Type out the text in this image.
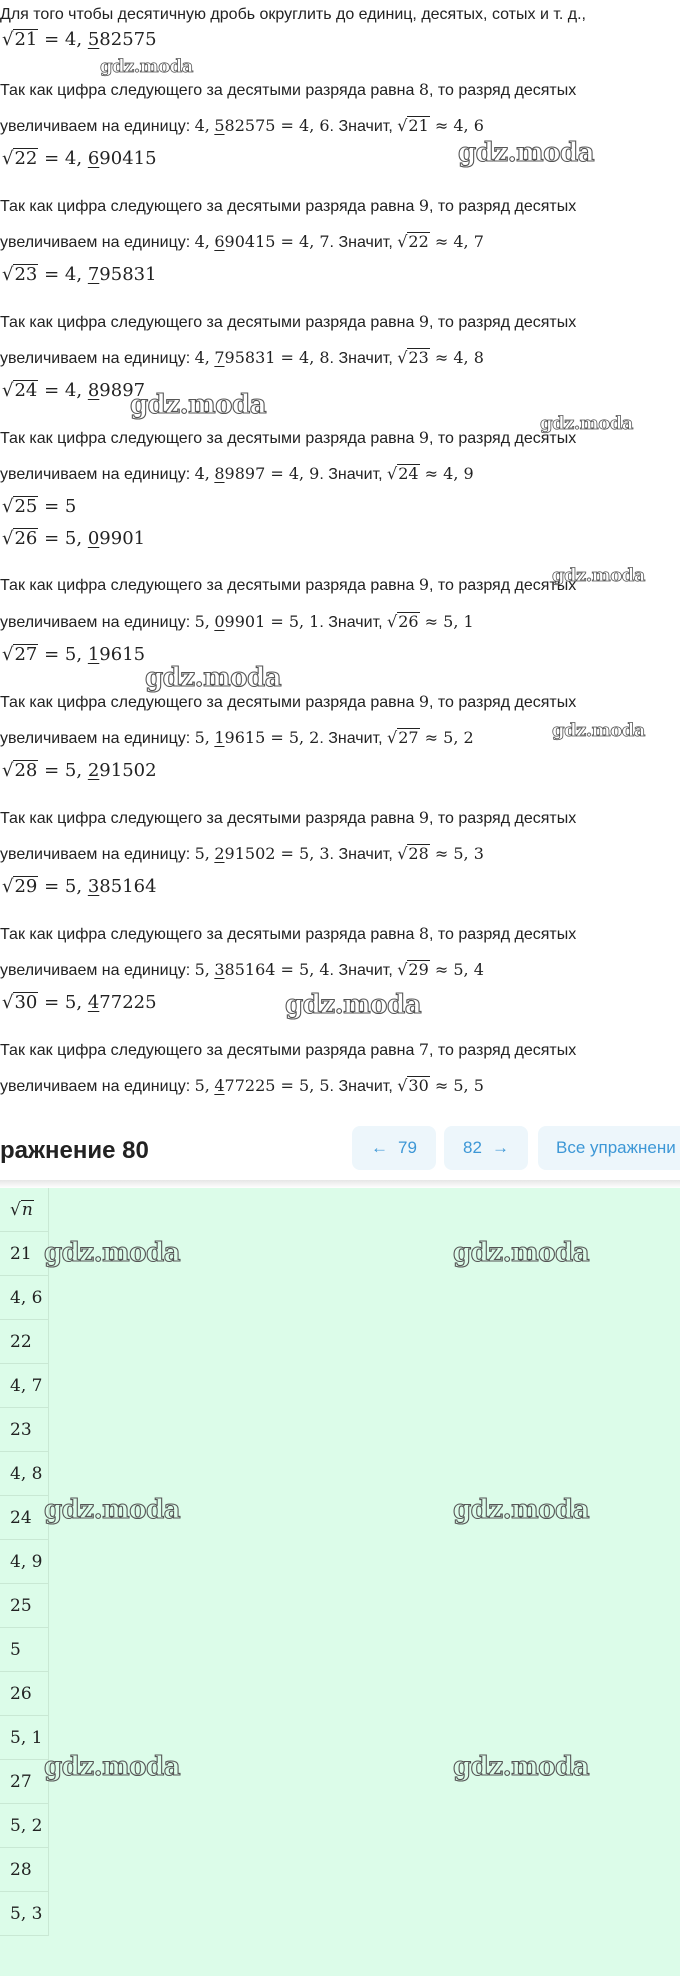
Для того чтобы десятичную дробь округлить до единиц, десятых, сотых и т. д.,
√21 = 4, 582575
Так как цифра следующего за десятыми разряда равна 8, то разряд десятых
увеличиваем на единицу: 4, 582575 = 4, 6. Значит, √21 ≈ 4, 6
√22 = 4, 690415
Так как цифра следующего за десятыми разряда равна 9, то разряд десятых
увеличиваем на единицу: 4, 690415 = 4, 7. Значит, √22 ≈ 4, 7
√23 = 4, 795831
Так как цифра следующего за десятыми разряда равна 9, то разряд десятых
увеличиваем на единицу: 4, 795831 = 4, 8. Значит, √23 ≈ 4, 8
√24 = 4, 89897
Так как цифра следующего за десятыми разряда равна 9, то разряд десятых
увеличиваем на единицу: 4, 89897 = 4, 9. Значит, √24 ≈ 4, 9
√25 = 5
√26 = 5, 09901
Так как цифра следующего за десятыми разряда равна 9, то разряд десятых
увеличиваем на единицу: 5, 09901 = 5, 1. Значит, √26 ≈ 5, 1
√27 = 5, 19615
Так как цифра следующего за десятыми разряда равна 9, то разряд десятых
увеличиваем на единицу: 5, 19615 = 5, 2. Значит, √27 ≈ 5, 2
√28 = 5, 291502
Так как цифра следующего за десятыми разряда равна 9, то разряд десятых
увеличиваем на единицу: 5, 291502 = 5, 3. Значит, √28 ≈ 5, 3
√29 = 5, 385164
Так как цифра следующего за десятыми разряда равна 8, то разряд десятых
увеличиваем на единицу: 5, 385164 = 5, 4. Значит, √29 ≈ 5, 4
√30 = 5, 477225
Так как цифра следующего за десятыми разряда равна 7, то разряд десятых
увеличиваем на единицу: 5, 477225 = 5, 5. Значит, √30 ≈ 5, 5
gdz.moda
gdz.moda
gdz.moda
gdz.moda
gdz.moda
gdz.moda
gdz.moda
gdz.moda
ражнение 80	← 79	82 →	Все упражнени
√n
21
4, 6
22
4, 7
23
4, 8
24
4, 9
25
5
26
5, 1
27
5, 2
28
5, 3
